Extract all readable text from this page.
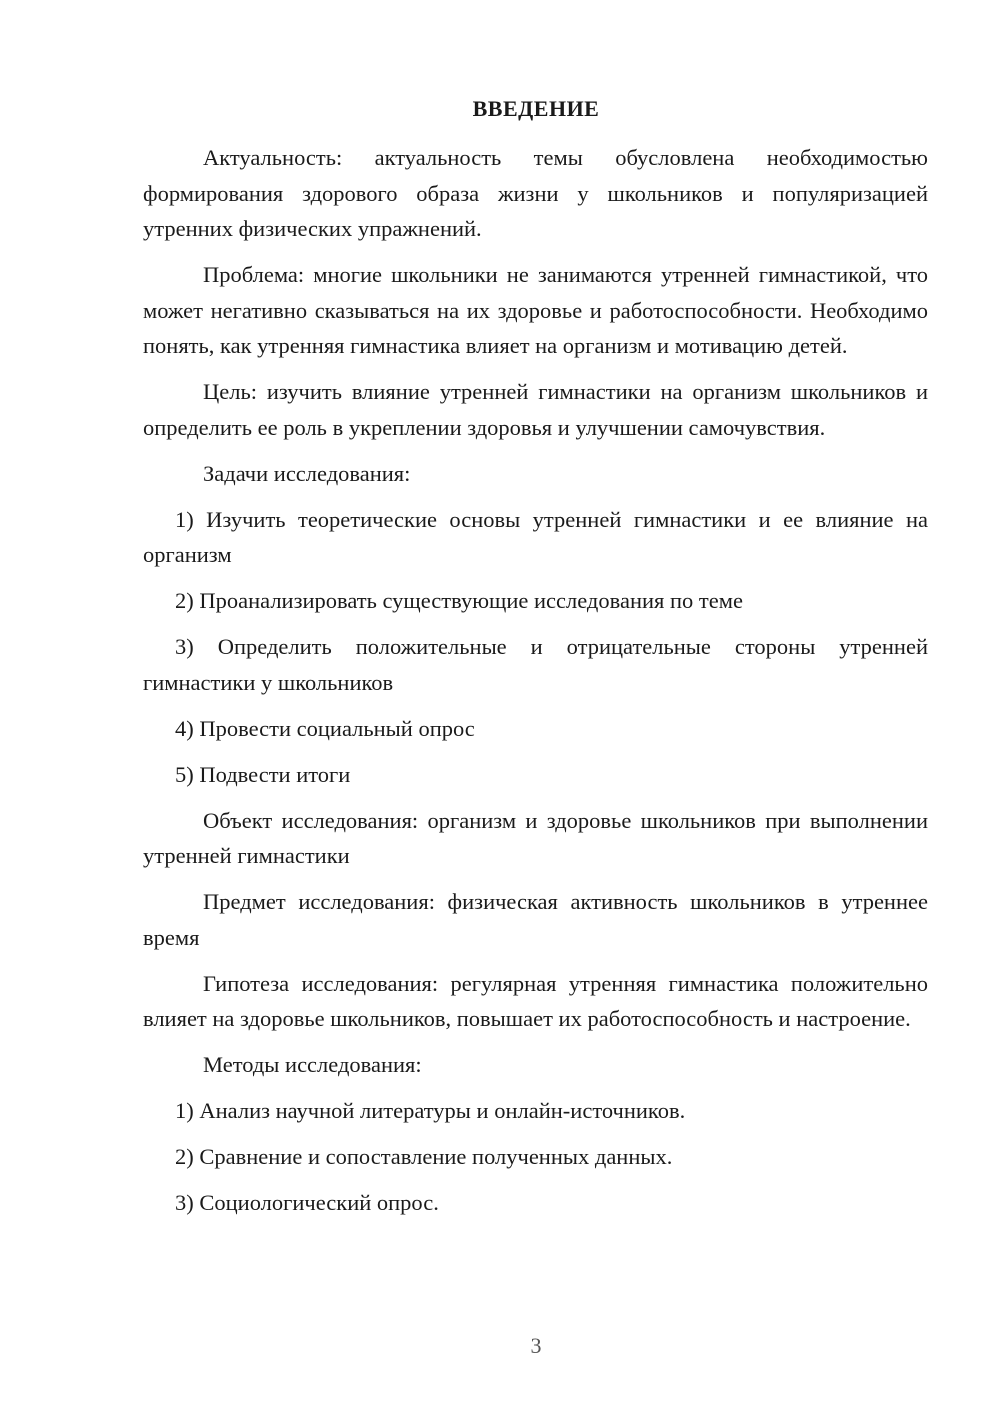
ВВЕДЕНИЕ

Актуальность: актуальность темы обусловлена необходимостью формирования здорового образа жизни у школьников и популяризацией утренних физических упражнений.

Проблема: многие школьники не занимаются утренней гимнастикой, что может негативно сказываться на их здоровье и работоспособности. Необходимо понять, как утренняя гимнастика влияет на организм и мотивацию детей.

Цель: изучить влияние утренней гимнастики на организм школьников и определить ее роль в укреплении здоровья и улучшении самочувствия.

Задачи исследования:

1) Изучить теоретические основы утренней гимнастики и ее влияние на организм

2) Проанализировать существующие исследования по теме

3) Определить положительные и отрицательные стороны утренней гимнастики у школьников

4) Провести социальный опрос

5) Подвести итоги

Объект исследования: организм и здоровье школьников при выполнении утренней гимнастики

Предмет исследования: физическая активность школьников в утреннее время

Гипотеза исследования: регулярная утренняя гимнастика положительно влияет на здоровье школьников, повышает их работоспособность и настроение.

Методы исследования:

1) Анализ научной литературы и онлайн-источников.

2) Сравнение и сопоставление полученных данных.

3) Социологический опрос.

3
